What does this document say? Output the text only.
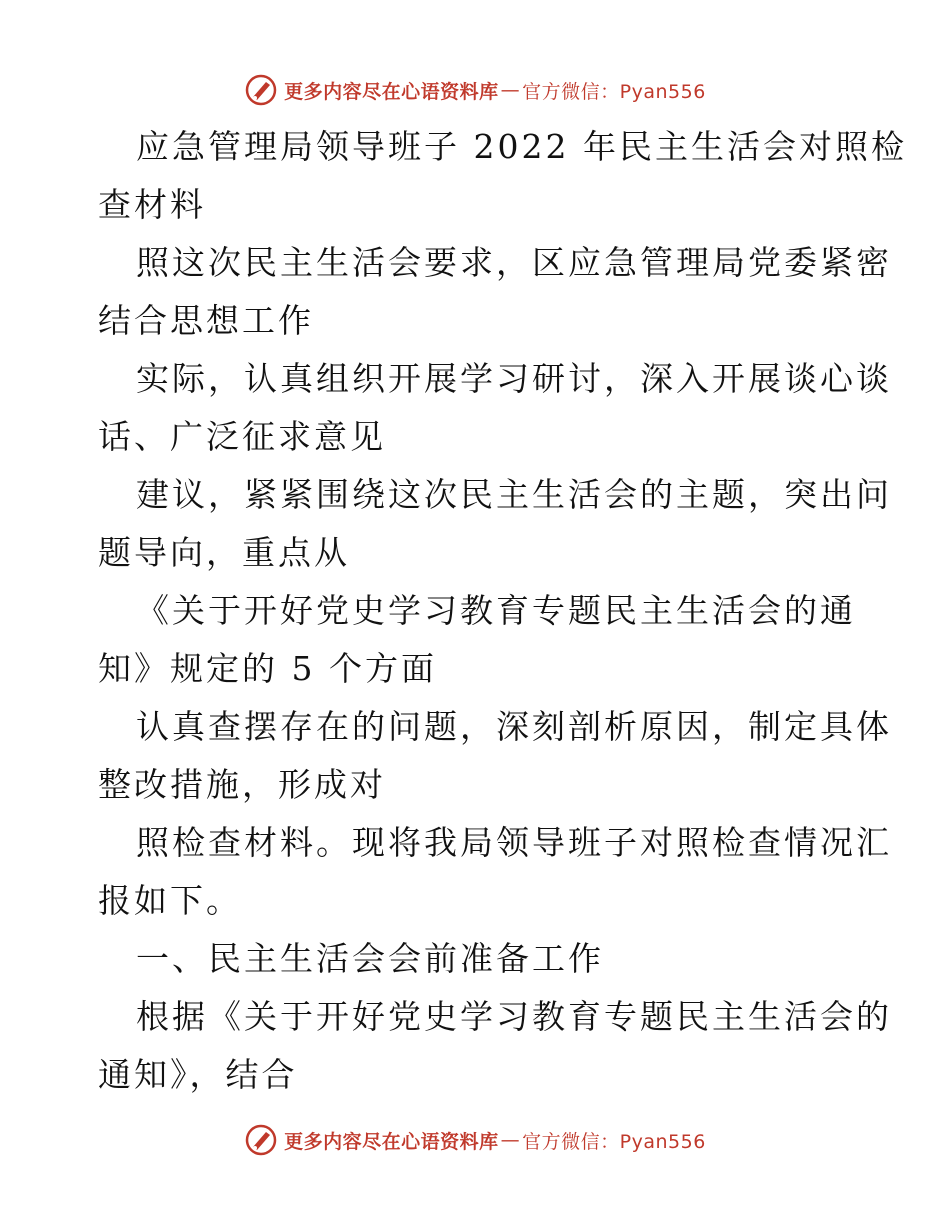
更多内容尽在心语资料库 — 官方微信：Pyan556
应急管理局领导班子 2022 年民主生活会对照检
查材料
照这次民主生活会要求，区应急管理局党委紧密
结合思想工作
实际，认真组织开展学习研讨，深入开展谈心谈
话、广泛征求意见
建议，紧紧围绕这次民主生活会的主题，突出问
题导向，重点从
《关于开好党史学习教育专题民主生活会的通
知》规定的 5 个方面
认真查摆存在的问题，深刻剖析原因，制定具体
整改措施，形成对
照检查材料。现将我局领导班子对照检查情况汇
报如下。
一、民主生活会会前准备工作
根据《关于开好党史学习教育专题民主生活会的
通知》，结合
更多内容尽在心语资料库 — 官方微信：Pyan556
